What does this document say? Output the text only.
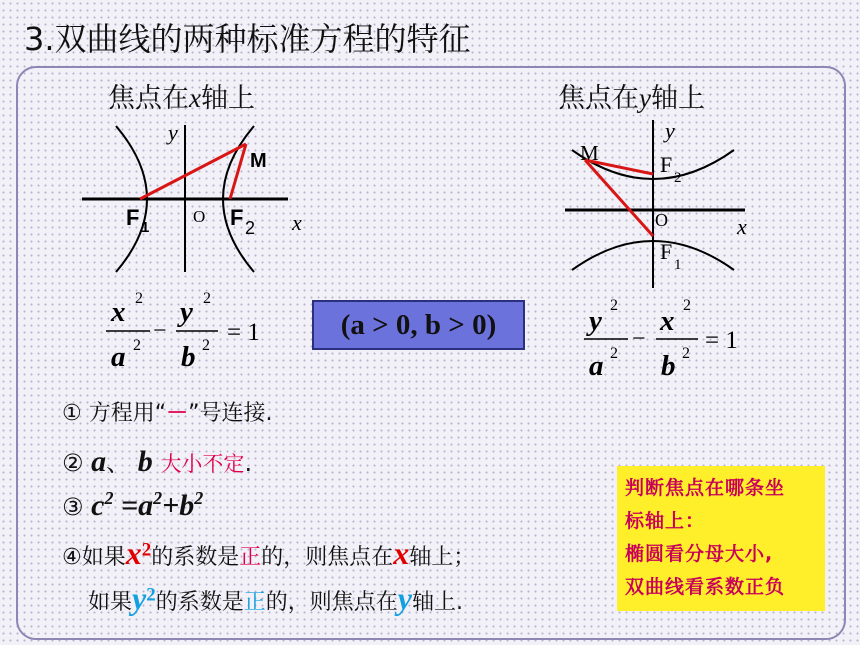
3.双曲线的两种标准方程的特征
焦点在x轴上	焦点在y轴上
y
x
O
M
F 1	F 2
y
x
O
M	F
2
F
1
x 2
a 2
−
y 2
b 2 = 1	y 2
a 2
−
x 2
b 2 = 1
(a > 0, b > 0)
① 方程用“－”号连接.
② a、 b 大小不定.
③ $c^2 =a^2+b^2$
④如果$x^2$的系数是正的，则焦点在x轴上；
如果$y^2$的系数是正的，则焦点在y轴上.
判断焦点在哪条坐
标轴上：
椭圆看分母大小,
双曲线看系数正负
